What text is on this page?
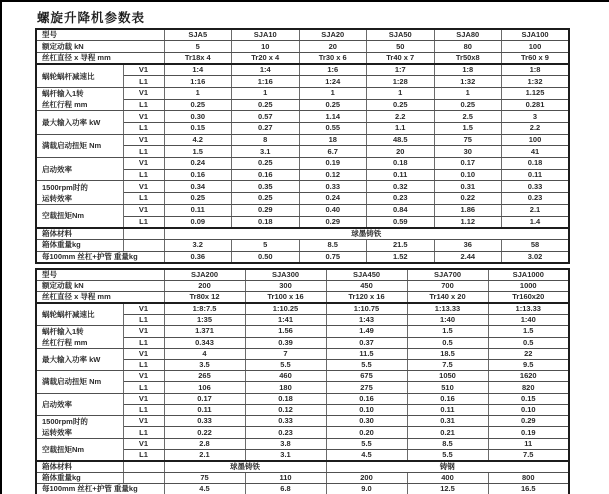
螺旋升降机参数表
型号		SJA5	SJA10	SJA20	SJA50	SJA80	SJA100
额定动载 kN		5	10	20	50	80	100
丝杠直径 x 导程 mm		Tr18x 4	Tr20 x 4	Tr30 x 6	Tr40 x 7	Tr50x8	Tr60 x 9

蜗轮蜗杆减速比	V1	1:4	1:4	1:6	1:7	1:8	1:8
	L1	1:16	1:16	1:24	1:28	1:32	1:32

蜗杆输入1转
丝杠行程 mm	V1	1	1	1	1	1	1.125
	L1	0.25	0.25	0.25	0.25	0.25	0.281

最大输入功率 kW	V1	0.30	0.57	1.14	2.2	2.5	3
	L1	0.15	0.27	0.55	1.1	1.5	2.2

满载启动扭矩 Nm	V1	4.2	8	18	48.5	75	100
	L1	1.5	3.1	6.7	20	30	41

启动效率	V1	0.24	0.25	0.19	0.18	0.17	0.18
	L1	0.16	0.16	0.12	0.11	0.10	0.11

1500rpm时的
运转效率	V1	0.34	0.35	0.33	0.32	0.31	0.33
	L1	0.25	0.25	0.24	0.23	0.22	0.23

空载扭矩Nm	V1	0.11	0.29	0.40	0.84	1.86	2.1
	L1	0.09	0.18	0.29	0.59	1.12	1.4
箱体材料		球墨铸铁					
箱体重量kg		3.2	5	8.5	21.5	36	58
每100mm 丝杠+护管 重量kg		0.36	0.50	0.75	1.52	2.44	3.02
型号		SJA200	SJA300	SJA450	SJA700	SJA1000
额定动载 kN		200	300	450	700	1000
丝杠直径 x 导程 mm		Tr80x 12	Tr100 x 16	Tr120 x 16	Tr140 x 20	Tr160x20

蜗轮蜗杆减速比	V1	1:8:7.5	1:10.25	1:10.75	1:13.33	1:13.33
	L1	1:35	1:41	1:43	1:40	1:40

蜗杆输入1转
丝杠行程 mm	V1	1.371	1.56	1.49	1.5	1.5
	L1	0.343	0.39	0.37	0.5	0.5

最大输入功率 kW	V1	4	7	11.5	18.5	22
	L1	3.5	5.5	5.5	7.5	9.5

满载启动扭矩 Nm	V1	265	460	675	1050	1620
	L1	106	180	275	510	820

启动效率	V1	0.17	0.18	0.16	0.16	0.15
	L1	0.11	0.12	0.10	0.11	0.10

1500rpm时的
运转效率	V1	0.33	0.33	0.30	0.31	0.29
	L1	0.22	0.23	0.20	0.21	0.19

空载扭矩Nm	V1	2.8	3.8	5.5	8.5	11
	L1	2.1	3.1	4.5	5.5	7.5
箱体材料		球墨铸铁		铸钢		
箱体重量kg		75	110	200	400	800
每100mm 丝杠+护管 重量kg		4.5	6.8	9.0	12.5	16.5
